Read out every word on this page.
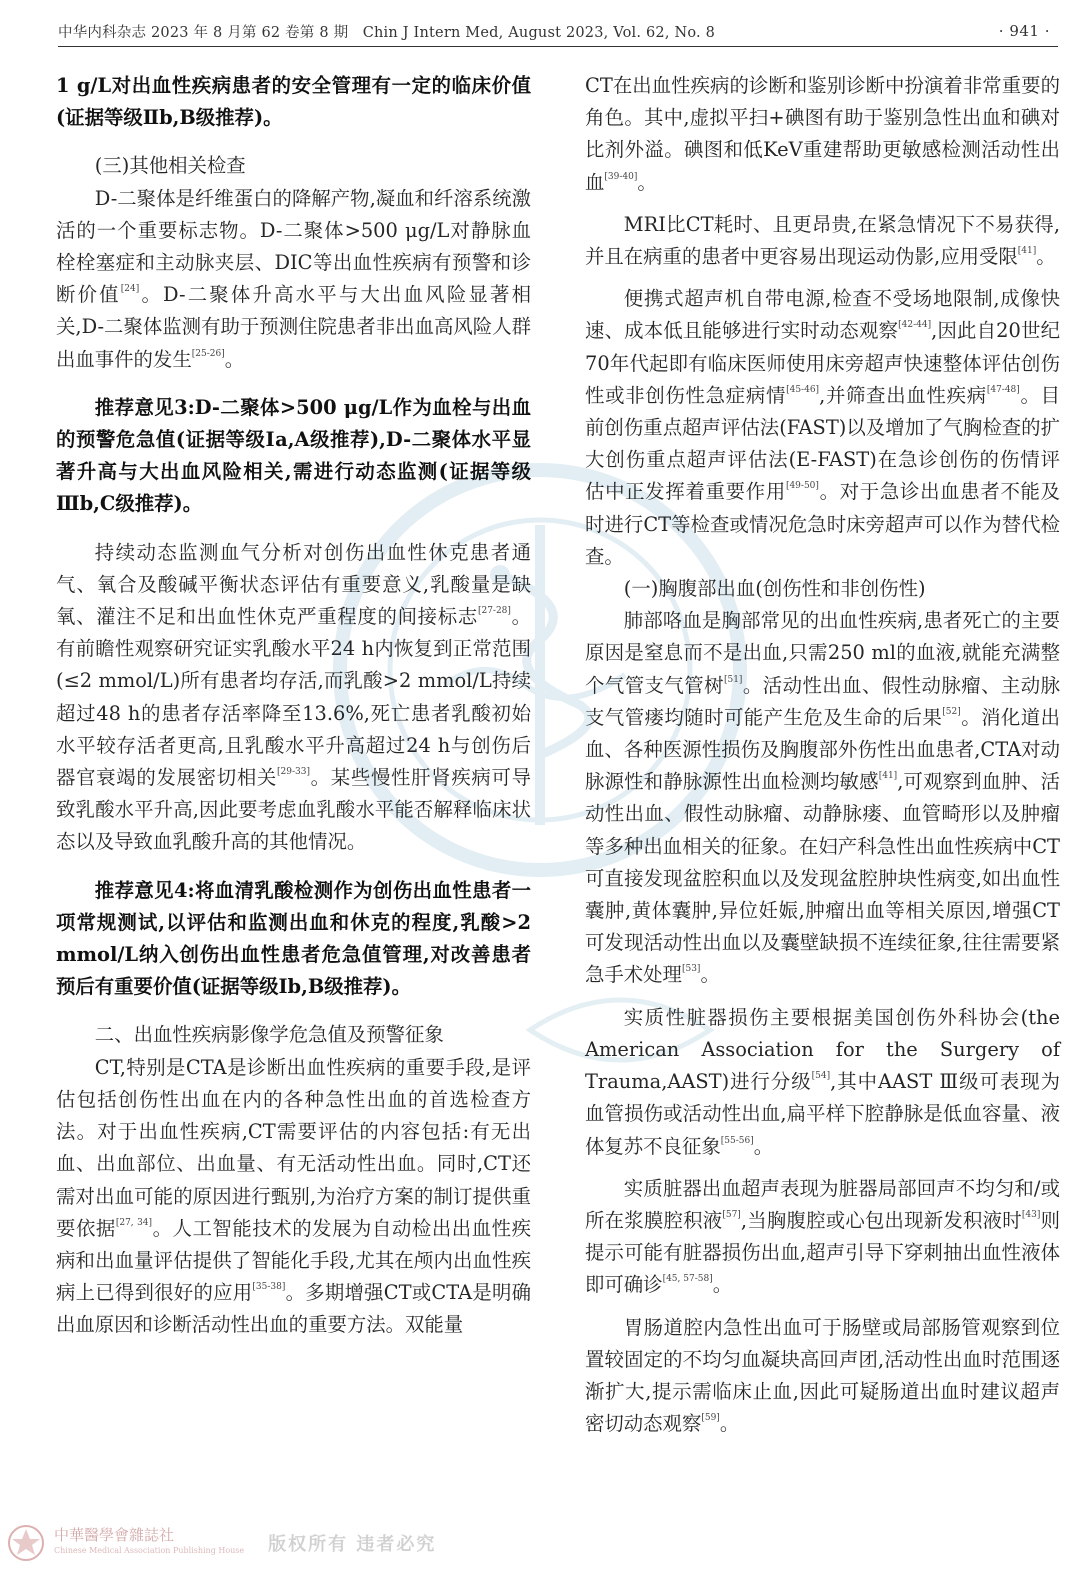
中华内科杂志 2023 年 8 月第 62 卷第 8 期 Chin J Intern Med, August 2023, Vol. 62, No. 8	· 941 ·

1 g/L对出血性疾病患者的安全管理有一定的临床价值(证据等级Ⅱb,B级推荐)。

(三)其他相关检查

D-二聚体是纤维蛋白的降解产物,凝血和纤溶系统激活的一个重要标志物。D-二聚体>500 μg/L对静脉血栓栓塞症和主动脉夹层、DIC等出血性疾病有预警和诊断价值[24]。D-二聚体升高水平与大出血风险显著相关,D-二聚体监测有助于预测住院患者非出血高风险人群出血事件的发生[25-26]。

推荐意见3:D-二聚体>500 μg/L作为血栓与出血的预警危急值(证据等级Ⅰa,A级推荐),D-二聚体水平显著升高与大出血风险相关,需进行动态监测(证据等级Ⅲb,C级推荐)。

持续动态监测血气分析对创伤出血性休克患者通气、氧合及酸碱平衡状态评估有重要意义,乳酸量是缺氧、灌注不足和出血性休克严重程度的间接标志[27-28]。有前瞻性观察研究证实乳酸水平24 h内恢复到正常范围(≤2 mmol/L)所有患者均存活,而乳酸>2 mmol/L持续超过48 h的患者存活率降至13.6%,死亡患者乳酸初始水平较存活者更高,且乳酸水平升高超过24 h与创伤后器官衰竭的发展密切相关[29-33]。某些慢性肝肾疾病可导致乳酸水平升高,因此要考虑血乳酸水平能否解释临床状态以及导致血乳酸升高的其他情况。

推荐意见4:将血清乳酸检测作为创伤出血性患者一项常规测试,以评估和监测出血和休克的程度,乳酸>2 mmol/L纳入创伤出血性患者危急值管理,对改善患者预后有重要价值(证据等级Ⅰb,B级推荐)。

二、出血性疾病影像学危急值及预警征象

CT,特别是CTA是诊断出血性疾病的重要手段,是评估包括创伤性出血在内的各种急性出血的首选检查方法。对于出血性疾病,CT需要评估的内容包括:有无出血、出血部位、出血量、有无活动性出血。同时,CT还需对出血可能的原因进行甄别,为治疗方案的制订提供重要依据[27, 34]。人工智能技术的发展为自动检出出血性疾病和出血量评估提供了智能化手段,尤其在颅内出血性疾病上已得到很好的应用[35-38]。多期增强CT或CTA是明确出血原因和诊断活动性出血的重要方法。双能量

CT在出血性疾病的诊断和鉴别诊断中扮演着非常重要的角色。其中,虚拟平扫+碘图有助于鉴别急性出血和碘对比剂外溢。碘图和低KeV重建帮助更敏感检测活动性出血[39-40]。

MRI比CT耗时、且更昂贵,在紧急情况下不易获得,并且在病重的患者中更容易出现运动伪影,应用受限[41]。

便携式超声机自带电源,检查不受场地限制,成像快速、成本低且能够进行实时动态观察[42-44],因此自20世纪70年代起即有临床医师使用床旁超声快速整体评估创伤性或非创伤性急症病情[45-46],并筛查出血性疾病[47-48]。目前创伤重点超声评估法(FAST)以及增加了气胸检查的扩大创伤重点超声评估法(E-FAST)在急诊创伤的伤情评估中正发挥着重要作用[49-50]。对于急诊出血患者不能及时进行CT等检查或情况危急时床旁超声可以作为替代检查。

(一)胸腹部出血(创伤性和非创伤性)

肺部咯血是胸部常见的出血性疾病,患者死亡的主要原因是窒息而不是出血,只需250 ml的血液,就能充满整个气管支气管树[51]。活动性出血、假性动脉瘤、主动脉支气管瘘均随时可能产生危及生命的后果[52]。消化道出血、各种医源性损伤及胸腹部外伤性出血患者,CTA对动脉源性和静脉源性出血检测均敏感[41],可观察到血肿、活动性出血、假性动脉瘤、动静脉瘘、血管畸形以及肿瘤等多种出血相关的征象。在妇产科急性出血性疾病中CT可直接发现盆腔积血以及发现盆腔肿块性病变,如出血性囊肿,黄体囊肿,异位妊娠,肿瘤出血等相关原因,增强CT可发现活动性出血以及囊壁缺损不连续征象,往往需要紧急手术处理[53]。

实质性脏器损伤主要根据美国创伤外科协会(the American Association for the Surgery of Trauma,AAST)进行分级[54],其中AAST Ⅲ级可表现为血管损伤或活动性出血,扁平样下腔静脉是低血容量、液体复苏不良征象[55-56]。

实质脏器出血超声表现为脏器局部回声不均匀和/或所在浆膜腔积液[57],当胸腹腔或心包出现新发积液时[43]则提示可能有脏器损伤出血,超声引导下穿刺抽出血性液体即可确诊[45, 57-58]。

胃肠道腔内急性出血可于肠壁或局部肠管观察到位置较固定的不均匀血凝块高回声团,活动性出血时范围逐渐扩大,提示需临床止血,因此可疑肠道出血时建议超声密切动态观察[59]。

中華醫學會雜誌社
Chinese Medical Association Publishing House 版权所有 违者必究
